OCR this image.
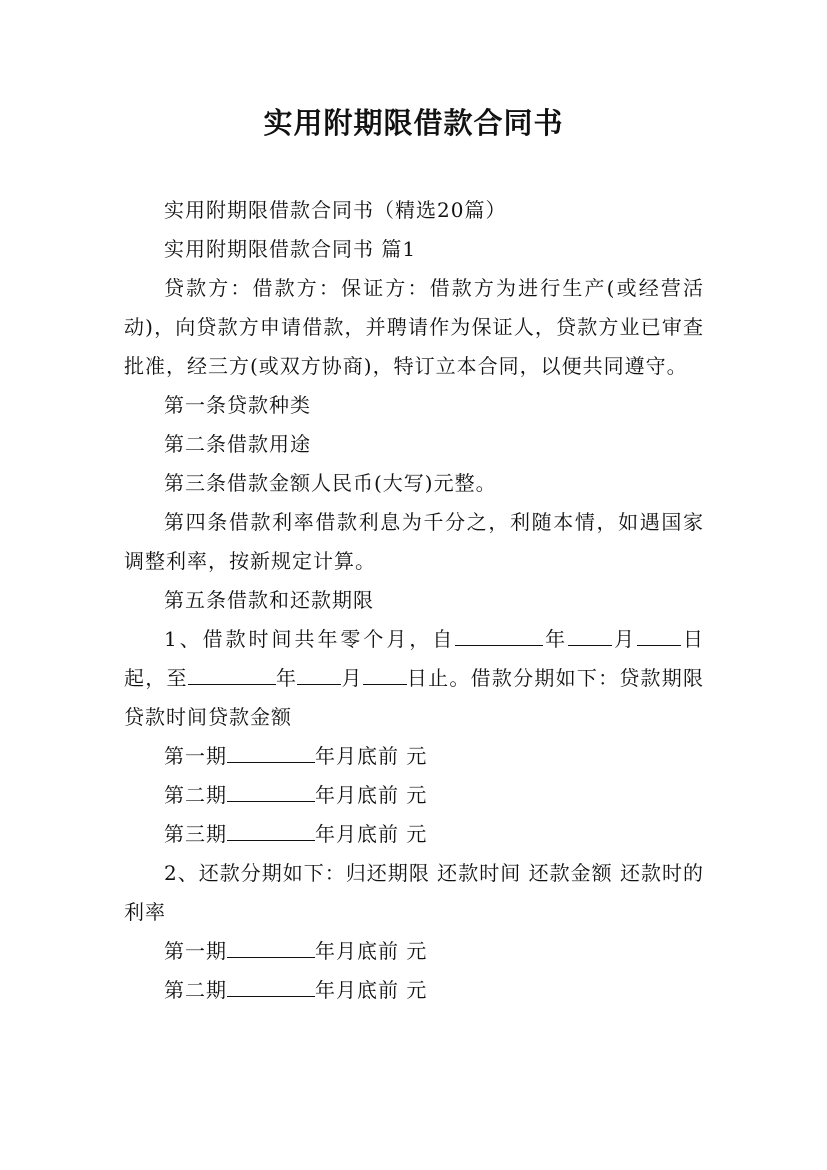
实用附期限借款合同书

实用附期限借款合同书（精选20篇）

实用附期限借款合同书 篇1

贷款方：借款方：保证方：借款方为进行生产(或经营活动)，向贷款方申请借款，并聘请作为保证人，贷款方业已审查批准，经三方(或双方协商)，特订立本合同，以便共同遵守。

第一条贷款种类

第二条借款用途

第三条借款金额人民币(大写)元整。

第四条借款利率借款利息为千分之，利随本情，如遇国家调整利率，按新规定计算。

第五条借款和还款期限

1、借款时间共年零个月，自	年 月 日起，至	年 月 日止。借款分期如下：贷款期限 贷款时间贷款金额

第一期	年月底前 元

第二期	年月底前 元

第三期	年月底前 元

2、还款分期如下：归还期限 还款时间 还款金额 还款时的利率

第一期	年月底前 元

第二期	年月底前 元
